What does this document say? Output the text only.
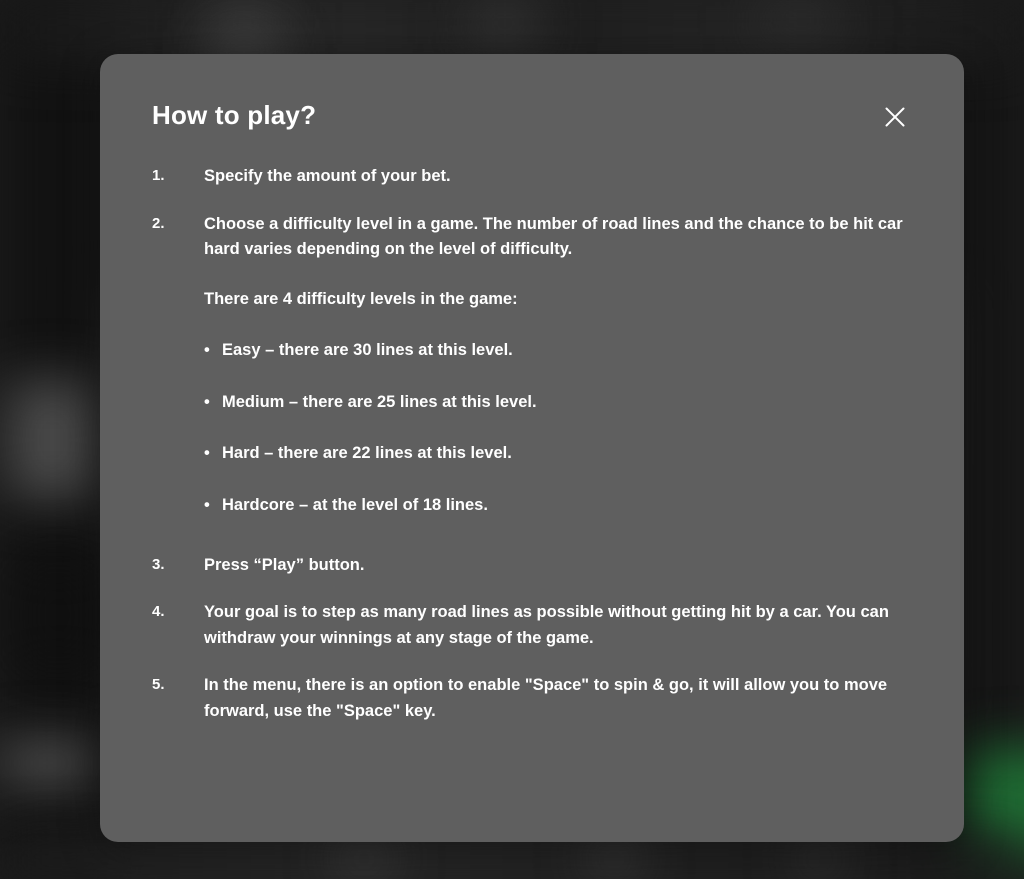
How to play?
1.	Specify the amount of your bet.
2.	Choose a difficulty level in a game. The number of road lines and the chance to be hit car hard varies depending on the level of difficulty.
There are 4 difficulty levels in the game:
• Easy – there are 30 lines at this level.
• Medium – there are 25 lines at this level.
• Hard – there are 22 lines at this level.
• Hardcore – at the level of 18 lines.
3.	Press “Play” button.
4.	Your goal is to step as many road lines as possible without getting hit by a car. You can withdraw your winnings at any stage of the game.
5.	In the menu, there is an option to enable "Space" to spin & go, it will allow you to move forward, use the "Space" key.
